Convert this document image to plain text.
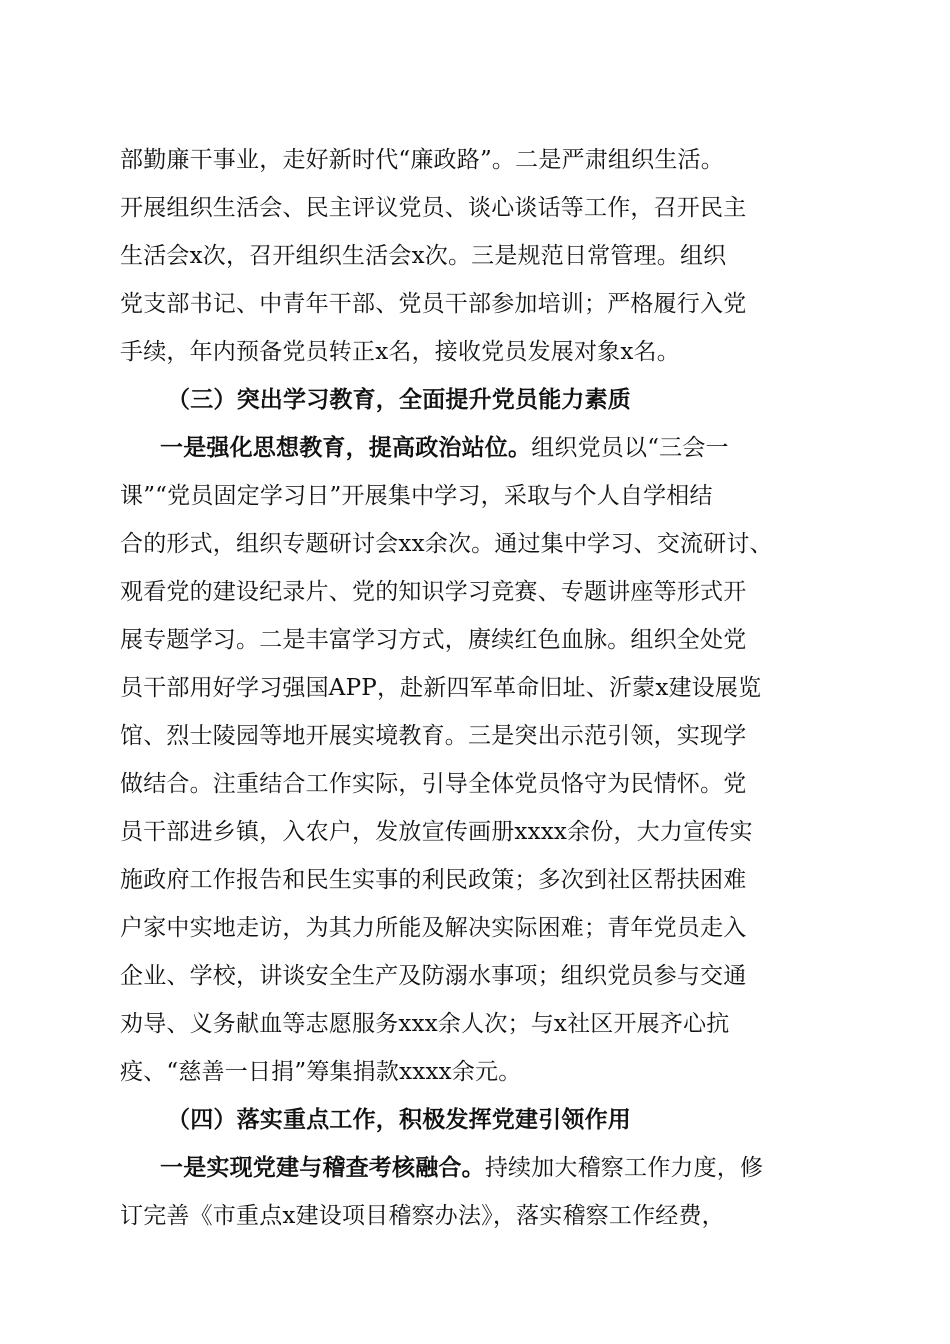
部勤廉干事业，走好新时代“廉政路”。二是严肃组织生活。
开展组织生活会、民主评议党员、谈心谈话等工作，召开民主
生活会x次，召开组织生活会x次。三是规范日常管理。组织
党支部书记、中青年干部、党员干部参加培训；严格履行入党
手续，年内预备党员转正x名，接收党员发展对象x名。
（三）突出学习教育，全面提升党员能力素质
一是强化思想教育，提高政治站位。组织党员以“三会一
课”“党员固定学习日”开展集中学习，采取与个人自学相结
合的形式，组织专题研讨会xx余次。通过集中学习、交流研讨、
观看党的建设纪录片、党的知识学习竞赛、专题讲座等形式开
展专题学习。二是丰富学习方式，赓续红色血脉。组织全处党
员干部用好学习强国APP，赴新四军革命旧址、沂蒙x建设展览
馆、烈士陵园等地开展实境教育。三是突出示范引领，实现学
做结合。注重结合工作实际，引导全体党员恪守为民情怀。党
员干部进乡镇，入农户，发放宣传画册xxxx余份，大力宣传实
施政府工作报告和民生实事的利民政策；多次到社区帮扶困难
户家中实地走访，为其力所能及解决实际困难；青年党员走入
企业、学校，讲谈安全生产及防溺水事项；组织党员参与交通
劝导、义务献血等志愿服务xxx余人次；与x社区开展齐心抗
疫、“慈善一日捐”筹集捐款xxxx余元。
（四）落实重点工作，积极发挥党建引领作用
一是实现党建与稽查考核融合。持续加大稽察工作力度，修
订完善《市重点x建设项目稽察办法》，落实稽察工作经费，
